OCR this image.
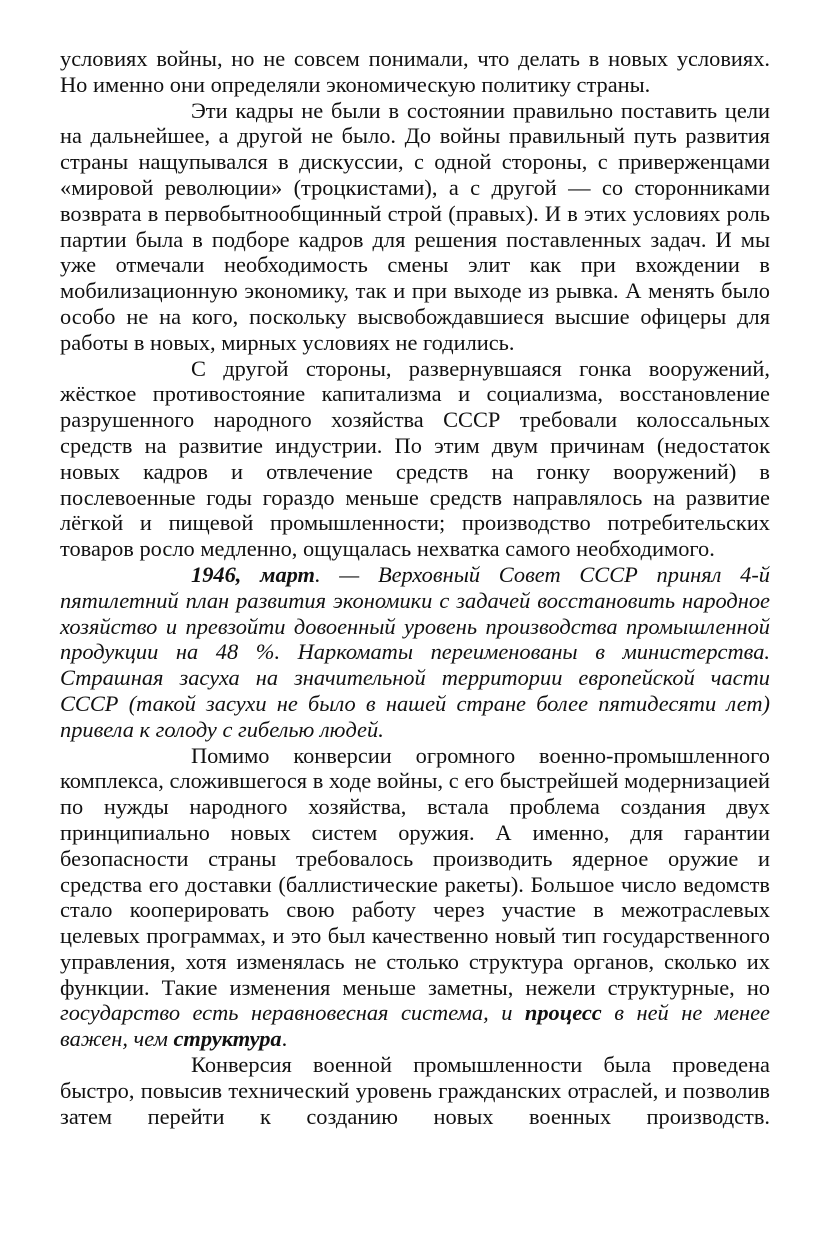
условиях войны, но не совсем понимали, что делать в новых условиях. Но именно они определяли экономическую политику страны.

Эти кадры не были в состоянии правильно поставить цели на дальнейшее, а другой не было. До войны правильный путь развития страны нащупывался в дискуссии, с одной стороны, с приверженцами «мировой революции» (троцкистами), а с другой — со сторонниками возврата в первобытнообщинный строй (правых). И в этих условиях роль партии была в подборе кадров для решения поставленных задач. И мы уже отмечали необходимость смены элит как при вхождении в мобилизационную экономику, так и при выходе из рывка. А менять было особо не на кого, поскольку высвобождавшиеся высшие офицеры для работы в новых, мирных условиях не годились.

С другой стороны, развернувшаяся гонка вооружений, жёсткое противостояние капитализма и социализма, восстановление разрушенного народного хозяйства СССР требовали колоссальных средств на развитие индустрии. По этим двум причинам (недостаток новых кадров и отвлечение средств на гонку вооружений) в послевоенные годы гораздо меньше средств направлялось на развитие лёгкой и пищевой промышленности; производство потребительских товаров росло медленно, ощущалась нехватка самого необходимого.

1946, март. — Верховный Совет СССР принял 4-й пятилетний план развития экономики с задачей восстановить народное хозяйство и превзойти довоенный уровень производства промышленной продукции на 48 %. Наркоматы переименованы в министерства. Страшная засуха на значительной территории европейской части СССР (такой засухи не было в нашей стране более пятидесяти лет) привела к голоду с гибелью людей.

Помимо конверсии огромного военно-промышленного комплекса, сложившегося в ходе войны, с его быстрейшей модернизацией по нужды народного хозяйства, встала проблема создания двух принципиально новых систем оружия. А именно, для гарантии безопасности страны требовалось производить ядерное оружие и средства его доставки (баллистические ракеты). Большое число ведомств стало кооперировать свою работу через участие в межотраслевых целевых программах, и это был качественно новый тип государственного управления, хотя изменялась не столько структура органов, сколько их функции. Такие изменения меньше заметны, нежели структурные, но государство есть неравновесная система, и процесс в ней не менее важен, чем структура.

Конверсия военной промышленности была проведена быстро, повысив технический уровень гражданских отраслей, и позволив затем перейти к созданию новых военных производств.
